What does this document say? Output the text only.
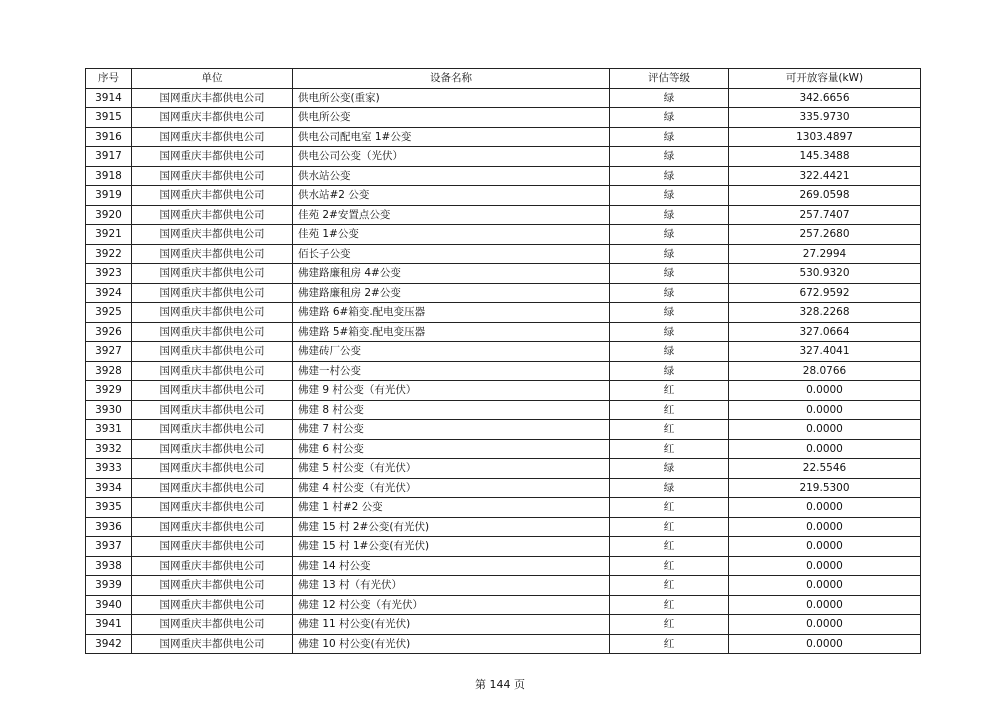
序号	单位	设备名称	评估等级	可开放容量(kW)
3914	国网重庆丰都供电公司	供电所公变(重家)	绿	342.6656
3915	国网重庆丰都供电公司	供电所公变	绿	335.9730
3916	国网重庆丰都供电公司	供电公司配电室 1#公变	绿	1303.4897
3917	国网重庆丰都供电公司	供电公司公变（光伏）	绿	145.3488
3918	国网重庆丰都供电公司	供水站公变	绿	322.4421
3919	国网重庆丰都供电公司	供水站#2 公变	绿	269.0598
3920	国网重庆丰都供电公司	佳苑 2#安置点公变	绿	257.7407
3921	国网重庆丰都供电公司	佳苑 1#公变	绿	257.2680
3922	国网重庆丰都供电公司	佰长子公变	绿	27.2994
3923	国网重庆丰都供电公司	佛建路廉租房 4#公变	绿	530.9320
3924	国网重庆丰都供电公司	佛建路廉租房 2#公变	绿	672.9592
3925	国网重庆丰都供电公司	佛建路 6#箱变.配电变压器	绿	328.2268
3926	国网重庆丰都供电公司	佛建路 5#箱变.配电变压器	绿	327.0664
3927	国网重庆丰都供电公司	佛建砖厂公变	绿	327.4041
3928	国网重庆丰都供电公司	佛建一村公变	绿	28.0766
3929	国网重庆丰都供电公司	佛建 9 村公变（有光伏）	红	0.0000
3930	国网重庆丰都供电公司	佛建 8 村公变	红	0.0000
3931	国网重庆丰都供电公司	佛建 7 村公变	红	0.0000
3932	国网重庆丰都供电公司	佛建 6 村公变	红	0.0000
3933	国网重庆丰都供电公司	佛建 5 村公变（有光伏）	绿	22.5546
3934	国网重庆丰都供电公司	佛建 4 村公变（有光伏）	绿	219.5300
3935	国网重庆丰都供电公司	佛建 1 村#2 公变	红	0.0000
3936	国网重庆丰都供电公司	佛建 15 村 2#公变(有光伏)	红	0.0000
3937	国网重庆丰都供电公司	佛建 15 村 1#公变(有光伏)	红	0.0000
3938	国网重庆丰都供电公司	佛建 14 村公变	红	0.0000
3939	国网重庆丰都供电公司	佛建 13 村（有光伏）	红	0.0000
3940	国网重庆丰都供电公司	佛建 12 村公变（有光伏）	红	0.0000
3941	国网重庆丰都供电公司	佛建 11 村公变(有光伏)	红	0.0000
3942	国网重庆丰都供电公司	佛建 10 村公变(有光伏)	红	0.0000
第 144 页
